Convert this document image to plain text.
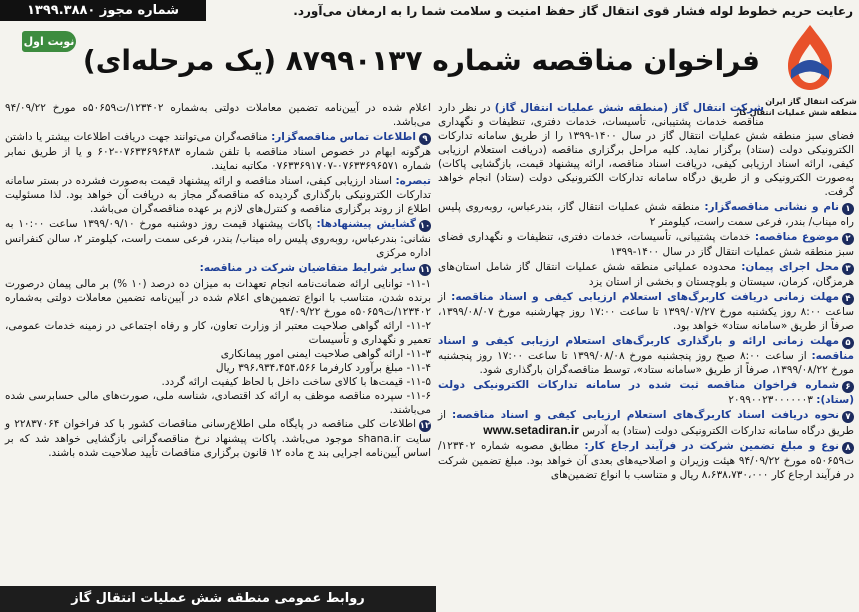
شماره مجوز ۱۳۹۹.۳۸۸۰	رعایت حریم خطوط لوله فشار قوی انتقال گاز حفظ امنیت و سلامت شما را به ارمغان می‌آورد.
نوبت اول
فراخوان مناقصه شماره ۸۷۹۹۰۱۳۷ (یک مرحله‌ای)
شرکت انتقال گاز ایران
منطقه شش عملیات انتقال گاز

شرکت انتقال گاز (منطقه شش عملیات انتقال گاز) در نظر دارد مناقصه خدمات پشتیبانی، تأسیسات، خدمات دفتری، تنظیفات و نگهداری فضای سبز منطقه شش عملیات انتقال گاز در سال ۱۴۰۰-۱۳۹۹ را از طریق سامانه تدارکات الکترونیکی دولت (ستاد) برگزار نماید. کلیه مراحل برگزاری مناقصه (دریافت استعلام ارزیابی کیفی، ارائه اسناد ارزیابی کیفی، دریافت اسناد مناقصه، ارائه پیشنهاد قیمت، بازگشایی پاکات) به‌صورت الکترونیکی و از طریق درگاه سامانه تدارکات الکترونیکی دولت (ستاد) انجام خواهد گرفت.

۱نام و نشانی مناقصه‌گزار: منطقه شش عملیات انتقال گاز، بندرعباس، روبه‌روی پلیس راه میناب/ بندر، فرعی سمت راست، کیلومتر ۲

۲موضوع مناقصه: خدمات پشتیبانی، تأسیسات، خدمات دفتری، تنظیفات و نگهداری فضای سبز منطقه شش عملیات انتقال گاز در سال ۱۴۰۰-۱۳۹۹

۳محل اجرای پیمان: محدوده عملیاتی منطقه شش عملیات انتقال گاز شامل استان‌های هرمزگان، کرمان، سیستان و بلوچستان و بخشی از استان یزد

۴مهلت زمانی دریافت کاربرگ‌های استعلام ارزیابی کیفی و اسناد مناقصه: از ساعت ۸:۰۰ روز یکشنبه مورخ ۱۳۹۹/۰۷/۲۷ تا ساعت ۱۷:۰۰ روز چهارشنبه مورخ ۱۳۹۹/۰۸/۰۷، صرفاً از طریق «سامانه ستاد» خواهد بود.

۵مهلت زمانی ارائه و بارگذاری کاربرگ‌های استعلام ارزیابی کیفی و اسناد مناقصه: از ساعت ۸:۰۰ صبح روز پنجشنبه مورخ ۱۳۹۹/۰۸/۰۸ تا ساعت ۱۷:۰۰ روز پنجشنبه مورخ ۱۳۹۹/۰۸/۲۲، صرفاً از طریق «سامانه ستاد»، توسط مناقصه‌گران بارگذاری شود.

۶شماره فراخوان مناقصه ثبت شده در سامانه تدارکات الکترونیکی دولت (ستاد): ۲۰۹۹۰۰۲۳۰۰۰۰۰۰۳

۷نحوه دریافت اسناد کاربرگ‌های استعلام ارزیابی کیفی و اسناد مناقصه: از طریق درگاه سامانه تدارکات الکترونیکی دولت (ستاد) به آدرس www.setadiran.ir

۸نوع و مبلغ تضمین شرکت در فرآیند ارجاع کار: مطابق مصوبه شماره ۱۲۳۴۰۲/ت۵۰۶۵۹ه مورخ ۹۴/۰۹/۲۲ هیئت وزیران و اصلاحیه‌های بعدی آن خواهد بود. مبلغ تضمین شرکت در فرآیند ارجاع کار ۸،۶۳۸،۷۳۰،۰۰۰ ریال و متناسب با انواع تضمین‌های

اعلام شده در آیین‌نامه تضمین معاملات دولتی به‌شماره ۱۲۳۴۰۲/ت۵۰۶۵۹ه مورخ ۹۴/۰۹/۲۲ می‌باشد.

۹اطلاعات تماس مناقصه‌گزار: مناقصه‌گران می‌توانند جهت دریافت اطلاعات بیشتر یا داشتن هرگونه ابهام در خصوص اسناد مناقصه با تلفن شماره ۰۷۶۳۳۶۹۶۴۸۳-۶۰۲ و یا از طریق نمابر شماره ۰۷۶۳۳۶۹۶۵۷۱-۰۷۶۳۳۶۹۱۷۰۷ مکاتبه نمایند.

تبصره: اسناد ارزیابی کیفی، اسناد مناقصه و ارائه پیشنهاد قیمت به‌صورت فشرده در بستر سامانه تدارکات الکترونیکی بارگذاری گردیده که مناقصه‌گر مجاز به دریافت آن خواهد بود. لذا مسئولیت اطلاع از روند برگزاری مناقصه و کنترل‌های لازم بر عهده مناقصه‌گران می‌باشد.

۱۰گشایش پیشنهادها: پاکات پیشنهاد قیمت روز دوشنبه مورخ ۱۳۹۹/۰۹/۱۰ ساعت ۱۰:۰۰ به نشانی: بندرعباس، روبه‌روی پلیس راه میناب/ بندر، فرعی سمت راست، کیلومتر ۲، سالن کنفرانس اداره مرکزی

۱۱سایر شرایط متقاضیان شرکت در مناقصه:

۱۱-۱- توانایی ارائه ضمانت‌نامه انجام تعهدات به میزان ده درصد (۱۰ %) بر مالی پیمان درصورت برنده شدن، متناسب با انواع تضمین‌های اعلام شده در آیین‌نامه تضمین معاملات دولتی به‌شماره ۱۲۳۴۰۲/ت۵۰۶۵۹ه مورخ ۹۴/۰۹/۲۲

۱۱-۲- ارائه گواهی صلاحیت معتبر از وزارت تعاون، کار و رفاه اجتماعی در زمینه خدمات عمومی، تعمیر و نگهداری و تأسیسات

۱۱-۳- ارائه گواهی صلاحیت ایمنی امور پیمانکاری

۱۱-۴- مبلغ برآورد کارفرما ۳۹۶،۹۳۴،۴۵۴،۵۶۶ ریال

۱۱-۵- قیمت‌ها با کالای ساخت داخل با لحاظ کیفیت ارائه گردد.

۱۱-۶- سپرده مناقصه موظف به ارائه کد اقتصادی، شناسه ملی، صورت‌های مالی حسابرسی شده می‌باشند.

۱۲اطلاعات کلی مناقصه در پایگاه ملی اطلاع‌رسانی مناقصات کشور با کد فراخوان ۲۲۸۳۷۰۶۴ و سایت shana.ir موجود می‌باشد. پاکات پیشنهاد نرخ مناقصه‌گرانی بازگشایی خواهد شد که بر اساس آیین‌نامه اجرایی بند ج ماده ۱۲ قانون برگزاری مناقصات تأیید صلاحیت شده باشند.

روابط عمومی منطقه شش عملیات انتقال گاز
